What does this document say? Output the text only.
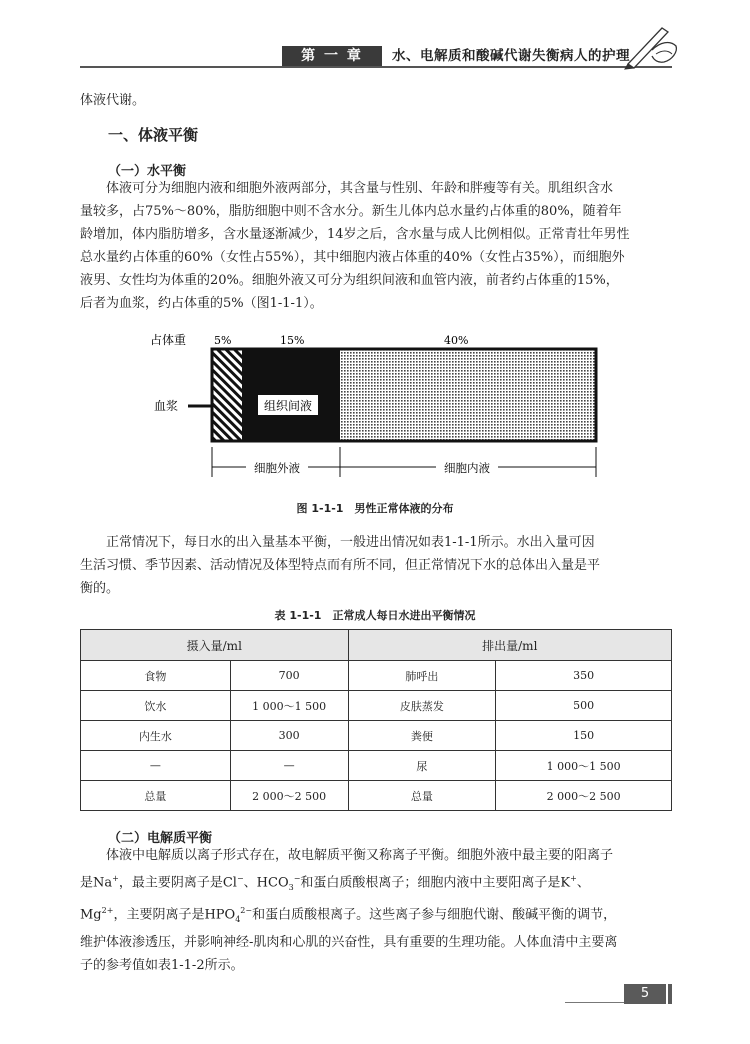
第 一 章	水、电解质和酸碱代谢失衡病人的护理
体液代谢。
一、体液平衡
（一）水平衡
体液可分为细胞内液和细胞外液两部分，其含量与性别、年龄和胖瘦等有关。肌组织含水
量较多，占75%～80%，脂肪细胞中则不含水分。新生儿体内总水量约占体重的80%，随着年
龄增加，体内脂肪增多，含水量逐渐减少，14岁之后，含水量与成人比例相似。正常青壮年男性
总水量约占体重的60%（女性占55%），其中细胞内液占体重的40%（女性占35%），而细胞外
液男、女性均为体重的20%。细胞外液又可分为组织间液和血管内液，前者约占体重的15%，
后者为血浆，约占体重的5%（图1-1-1）。
占体重	5%	15%	40%
组织间液
血浆
细胞外液	细胞内液
图 1-1-1　男性正常体液的分布
正常情况下，每日水的出入量基本平衡，一般进出情况如表1-1-1所示。水出入量可因
生活习惯、季节因素、活动情况及体型特点而有所不同，但正常情况下水的总体出入量是平
衡的。
表 1-1-1　正常成人每日水进出平衡情况
摄入量/ml		排出量/ml	
食物	700	肺呼出	350
饮水	1 000～1 500	皮肤蒸发	500
内生水	300	粪便	150
—	—	尿	1 000～1 500
总量	2 000～2 500	总量	2 000～2 500
（二）电解质平衡
体液中电解质以离子形式存在，故电解质平衡又称离子平衡。细胞外液中最主要的阳离子
是Na+，最主要阴离子是Cl−、$HCO_3^-$和蛋白质酸根离子；细胞内液中主要阳离子是K+、
$Mg^{2+}$，主要阴离子是$HPO_4^{2-}$和蛋白质酸根离子。这些离子参与细胞代谢、酸碱平衡的调节，
维护体液渗透压，并影响神经-肌肉和心肌的兴奋性，具有重要的生理功能。人体血清中主要离
子的参考值如表1-1-2所示。
5
